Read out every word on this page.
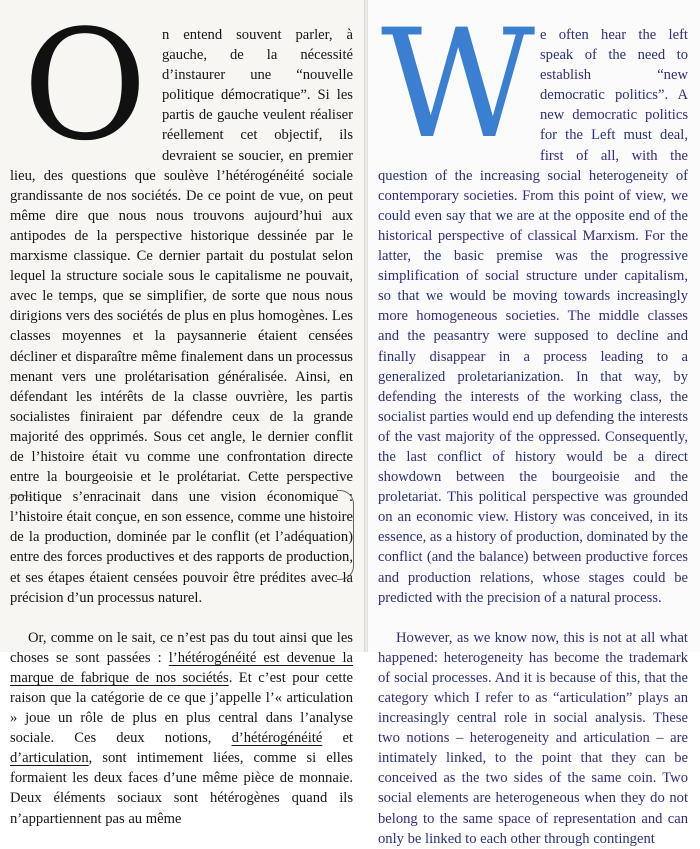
O	n entend souvent parler, à gauche, de la nécessité d’instaurer une “nouvelle politique démocratique”. Si les partis de gauche veulent réaliser réellement cet objectif, ils devraient se soucier, en premier lieu, des questions que soulève l’hétérogénéité sociale grandissante de nos sociétés. De ce point de vue, on peut même dire que nous nous trouvons aujourd’hui aux antipodes de la perspective historique dessinée par le marxisme classique. Ce dernier partait du postulat selon lequel la structure sociale sous le capitalisme ne pouvait, avec le temps, que se simplifier, de sorte que nous nous dirigions vers des sociétés de plus en plus homogènes. Les classes moyennes et la paysannerie étaient censées décliner et disparaître même finalement dans un processus menant vers une prolétarisation généralisée. Ainsi, en défendant les intérêts de la classe ouvrière, les partis socialistes finiraient par défendre ceux de la grande majorité des opprimés. Sous cet angle, le dernier conflit de l’histoire était vu comme une confrontation directe entre la bourgeoisie et le prolétariat. Cette perspective politique s’enracinait dans une vision économique : l’histoire était conçue, en son essence, comme une histoire de la production, dominée par le conflit (et l’adéquation) entre des forces productives et des rapports de production, et ses étapes étaient censées pouvoir être prédites avec la précision d’un processus naturel.

Or, comme on le sait, ce n’est pas du tout ainsi que les choses se sont passées : l’hétérogénéité est devenue la marque de fabrique de nos sociétés. Et c’est pour cette raison que la catégorie de ce que j’appelle l’« articulation » joue un rôle de plus en plus central dans l’analyse sociale. Ces deux notions, d’hétérogénéité et d’articulation, sont intimement liées, comme si elles formaient les deux faces d’une même pièce de monnaie. Deux éléments sociaux sont hétérogènes quand ils n’appartiennent pas au même

W e often hear the left speak of the need to establish “new democratic politics”. A new democratic politics for the Left must deal, first of all, with the question of the increasing social heterogeneity of contemporary societies. From this point of view, we could even say that we are at the opposite end of the historical perspective of classical Marxism. For the latter, the basic premise was the progressive simplification of social structure under capitalism, so that we would be moving towards increasingly more homogeneous societies. The middle classes and the peasantry were supposed to decline and finally disappear in a process leading to a generalized proletarianization. In that way, by defending the interests of the working class, the socialist parties would end up defending the interests of the vast majority of the oppressed. Consequently, the last conflict of history would be a direct showdown between the bourgeoisie and the proletariat. This political perspective was grounded on an economic view. History was conceived, in its essence, as a history of production, dominated by the conflict (and the balance) between productive forces and production relations, whose stages could be predicted with the precision of a natural process.

However, as we know now, this is not at all what happened: heterogeneity has become the trademark of social processes. And it is because of this, that the category which I refer to as “articulation” plays an increasingly central role in social analysis. These two notions – heterogeneity and articulation – are intimately linked, to the point that they can be conceived as the two sides of the same coin. Two social elements are heterogeneous when they do not belong to the same space of representation and can only be linked to each other through contingent
